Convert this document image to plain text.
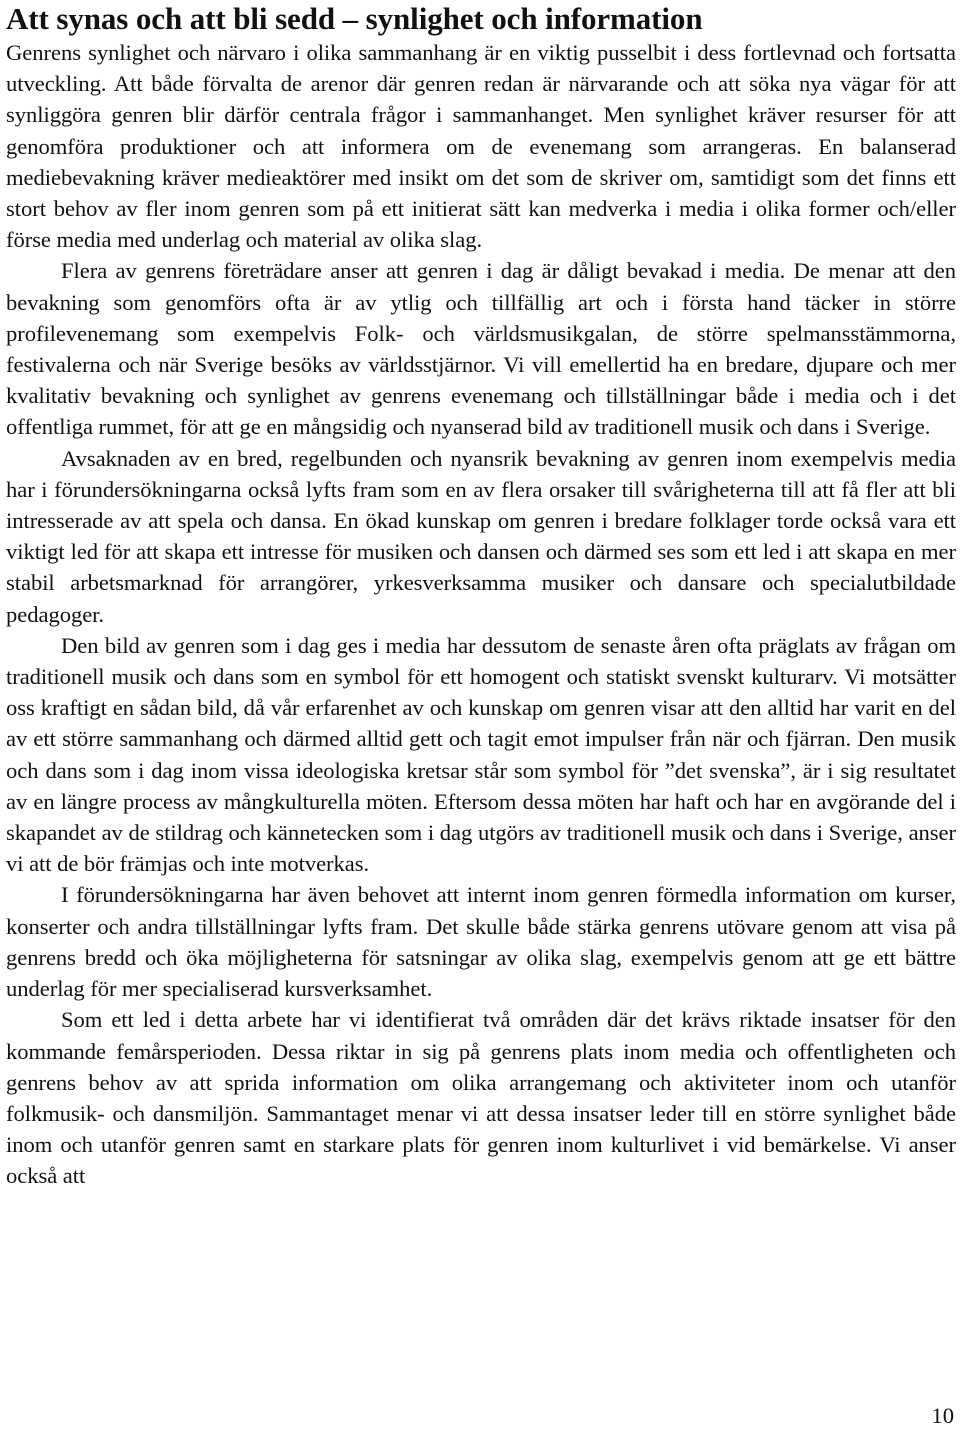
Att synas och att bli sedd – synlighet och information

Genrens synlighet och närvaro i olika sammanhang är en viktig pusselbit i dess fortlevnad och fortsatta utveckling. Att både förvalta de arenor där genren redan är närvarande och att söka nya vägar för att synliggöra genren blir därför centrala frågor i sammanhanget. Men synlighet kräver resurser för att genomföra produktioner och att informera om de evenemang som arrangeras. En balanserad mediebevakning kräver medieaktörer med insikt om det som de skriver om, samtidigt som det finns ett stort behov av fler inom genren som på ett initierat sätt kan medverka i media i olika former och/eller förse media med underlag och material av olika slag.

Flera av genrens företrädare anser att genren i dag är dåligt bevakad i media. De menar att den bevakning som genomförs ofta är av ytlig och tillfällig art och i första hand täcker in större profilevenemang som exempelvis Folk- och världsmusikgalan, de större spelmansstämmorna, festivalerna och när Sverige besöks av världsstjärnor. Vi vill emellertid ha en bredare, djupare och mer kvalitativ bevakning och synlighet av genrens evenemang och tillställningar både i media och i det offentliga rummet, för att ge en mångsidig och nyanserad bild av traditionell musik och dans i Sverige.

Avsaknaden av en bred, regelbunden och nyansrik bevakning av genren inom exempelvis media har i förundersökningarna också lyfts fram som en av flera orsaker till svårigheterna till att få fler att bli intresserade av att spela och dansa. En ökad kunskap om genren i bredare folklager torde också vara ett viktigt led för att skapa ett intresse för musiken och dansen och därmed ses som ett led i att skapa en mer stabil arbetsmarknad för arrangörer, yrkesverksamma musiker och dansare och specialutbildade pedagoger.

Den bild av genren som i dag ges i media har dessutom de senaste åren ofta präglats av frågan om traditionell musik och dans som en symbol för ett homogent och statiskt svenskt kulturarv. Vi motsätter oss kraftigt en sådan bild, då vår erfarenhet av och kunskap om genren visar att den alltid har varit en del av ett större sammanhang och därmed alltid gett och tagit emot impulser från när och fjärran. Den musik och dans som i dag inom vissa ideologiska kretsar står som symbol för ”det svenska”, är i sig resultatet av en längre process av mångkulturella möten. Eftersom dessa möten har haft och har en avgörande del i skapandet av de stildrag och kännetecken som i dag utgörs av traditionell musik och dans i Sverige, anser vi att de bör främjas och inte motverkas.

I förundersökningarna har även behovet att internt inom genren förmedla information om kurser, konserter och andra tillställningar lyfts fram. Det skulle både stärka genrens utövare genom att visa på genrens bredd och öka möjligheterna för satsningar av olika slag, exempelvis genom att ge ett bättre underlag för mer specialiserad kursverksamhet.

Som ett led i detta arbete har vi identifierat två områden där det krävs riktade insatser för den kommande femårsperioden. Dessa riktar in sig på genrens plats inom media och offentligheten och genrens behov av att sprida information om olika arrangemang och aktiviteter inom och utanför folkmusik- och dansmiljön. Sammantaget menar vi att dessa insatser leder till en större synlighet både inom och utanför genren samt en starkare plats för genren inom kulturlivet i vid bemärkelse. Vi anser också att

10
